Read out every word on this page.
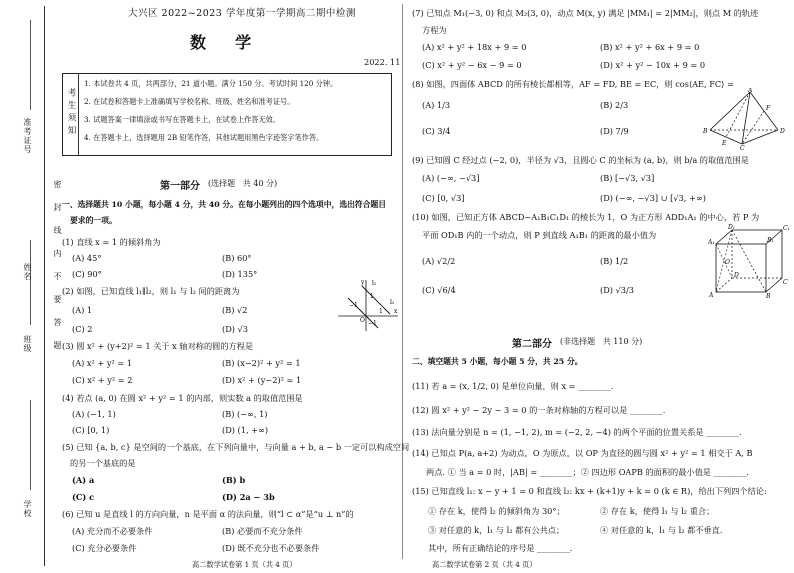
学校
班级
姓名
准考证号
密封线内不要答题
大兴区 2022~2023 学年度第一学期高二期中检测
数  学
2022. 11
考生须知
1. 本试卷共 4 页，共两部分，21 道小题。满分 150 分。考试时间 120 分钟。
2. 在试卷和答题卡上准确填写学校名称、班级、姓名和准考证号。
3. 试题答案一律填涂或书写在答题卡上，在试卷上作答无效。
4. 在答题卡上，选择题用 2B 铅笔作答，其他试题用黑色字迹签字笔作答。
第一部分 (选择题   共 40 分)
一、选择题共 10 小题，每小题 4 分，共 40 分。在每小题列出的四个选项中，选出符合题目
要求的一项。
(1) 直线 x = 1 的倾斜角为
(A) 45°	(B) 60°
(C) 90°	(D) 135°
(2) 如图，已知直线 l₁∥l₂，则 l₁ 与 l₂ 间的距离为
(A) 1	(B) √2
(C) 2	(D) √3
l₁
l₂
−1
1
−1
1 x
y
O
(3) 圆 x² + (y+2)² = 1 关于 x 轴对称的圆的方程是
(A) x² + y² = 1	(B) (x−2)² + y² = 1
(C) x² + y² = 2	(D) x² + (y−2)² = 1
(4) 若点 (a, 0) 在圆 x² + y² = 1 的内部，则实数 a 的取值范围是
(A) (−1, 1)	(B) (−∞, 1)
(C) [0, 1)	(D) (1, +∞)
(5) 已知 {a, b, c} 是空间的一个基底，在下列向量中，与向量 a + b, a − b 一定可以构成空间
的另一个基底的是
(A) a	(B) b
(C) c	(D) 2a − 3b
(6) 已知 u 是直线 l 的方向向量，n 是平面 α 的法向量，则“l ⊂ α”是“u ⊥ n”的
(A) 充分而不必要条件	(B) 必要而不充分条件
(C) 充分必要条件	(D) 既不充分也不必要条件
高二数学试卷第 1 页（共 4 页）
(7) 已知点 M₁(−3, 0) 和点 M₂(3, 0)，动点 M(x, y) 满足 |MM₁| = 2|MM₂|，则点 M 的轨迹
方程为
(A) x² + y² + 18x + 9 = 0	(B) x² + y² + 6x + 9 = 0
(C) x² + y² − 6x − 9 = 0	(D) x² + y² − 10x + 9 = 0
(8) 如图，四面体 ABCD 的所有棱长都相等，AF = FD, BE = EC，则 cos⟨AE, FC⟩ =
(A) 1/3	(B) 2/3
(C) 3/4	(D) 7/9
A
B
C
D
E
F
(9) 已知圆 C 经过点 (−2, 0)，半径为 √3，且圆心 C 的坐标为 (a, b)，则 b/a 的取值范围是
(A) (−∞, −√3]	(B) [−√3, √3]
(C) [0, √3]	(D) (−∞, −√3] ∪ [√3, +∞)
(10) 如图，已知正方体 ABCD−A₁B₁C₁D₁ 的棱长为 1，O 为正方形 ADD₁A₁ 的中心，若 P 为
平面 OD₁B 内的一个动点，则 P 到直线 A₁B₁ 的距离的最小值为
(A) √2/2	(B) 1/2
(C) √6/4	(D) √3/3
A	B
C
D
A₁	B₁
C₁
D₁
O
第二部分 (非选择题   共 110 分)
二、填空题共 5 小题，每小题 5 分，共 25 分。
(11) 若 a = (x, 1/2, 0) 是单位向量，则 x = ________.
(12) 圆 x² + y² − 2y − 3 = 0 的一条对称轴的方程可以是 ________.
(13) 法向量分别是 n = (1, −1, 2), m = (−2, 2, −4) 的两个平面的位置关系是 ________.
(14) 已知点 P(a, a+2) 为动点，O 为原点，以 OP 为直径的圆与圆 x² + y² = 1 相交于 A, B
两点. ① 当 a = 0 时，|AB| = ________；② 四边形 OAPB 的面积的最小值是 ________.
(15) 已知直线 l₁: x − y + 1 = 0 和直线 l₂: kx + (k+1)y + k = 0 (k ∈ R)，给出下列四个结论:
① 存在 k，使得 l₂ 的倾斜角为 30°；	② 存在 k，使得 l₁ 与 l₂ 重合；
③ 对任意的 k，l₁ 与 l₂ 都有公共点；	④ 对任意的 k，l₁ 与 l₂ 都不垂直.
其中，所有正确结论的序号是 ________.
高二数学试卷第 2 页（共 4 页）
